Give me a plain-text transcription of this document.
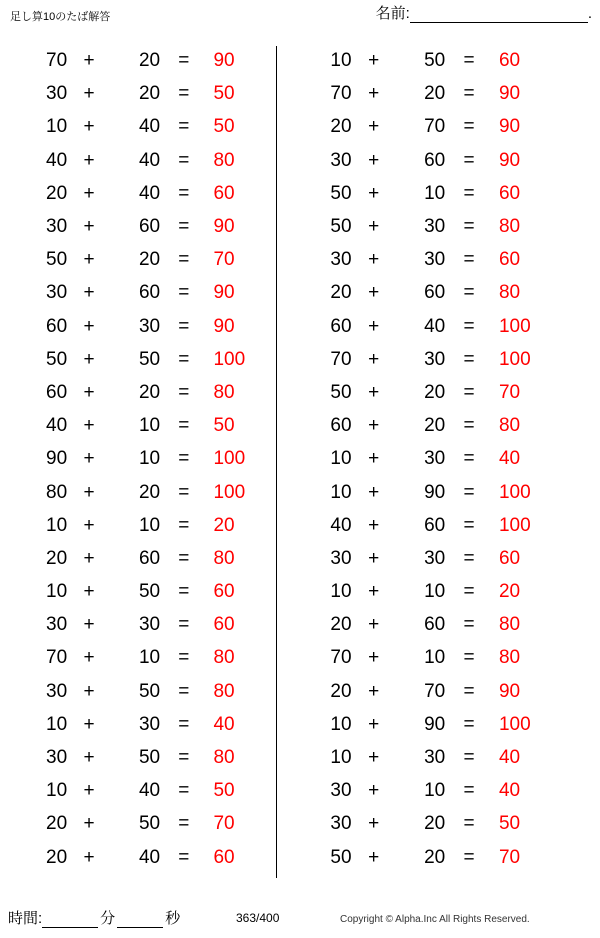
足し算10のたば解答	名前:	.
70 +	20 =	90
30 +	20 =	50
10 +	40 =	50
40 +	40 =	80
20 +	40 =	60
30 +	60 =	90
50 +	20 =	70
30 +	60 =	90
60 +	30 =	90
50 +	50 =	100
60 +	20 =	80
40 +	10 =	50
90 +	10 =	100
80 +	20 =	100
10 +	10 =	20
20 +	60 =	80
10 +	50 =	60
30 +	30 =	60
70 +	10 =	80
30 +	50 =	80
10 +	30 =	40
30 +	50 =	80
10 +	40 =	50
20 +	50 =	70
20 +	40 =	60
10 +	50 =	60
70 +	20 =	90
20 +	70 =	90
30 +	60 =	90
50 +	10 =	60
50 +	30 =	80
30 +	30 =	60
20 +	60 =	80
60 +	40 =	100
70 +	30 =	100
50 +	20 =	70
60 +	20 =	80
10 +	30 =	40
10 +	90 =	100
40 +	60 =	100
30 +	30 =	60
10 +	10 =	20
20 +	60 =	80
70 +	10 =	80
20 +	70 =	90
10 +	90 =	100
10 +	30 =	40
30 +	10 =	40
30 +	20 =	50
50 +	20 =	70
時間:	分	秒	363/400	Copyright © Alpha.Inc All Rights Reserved.
